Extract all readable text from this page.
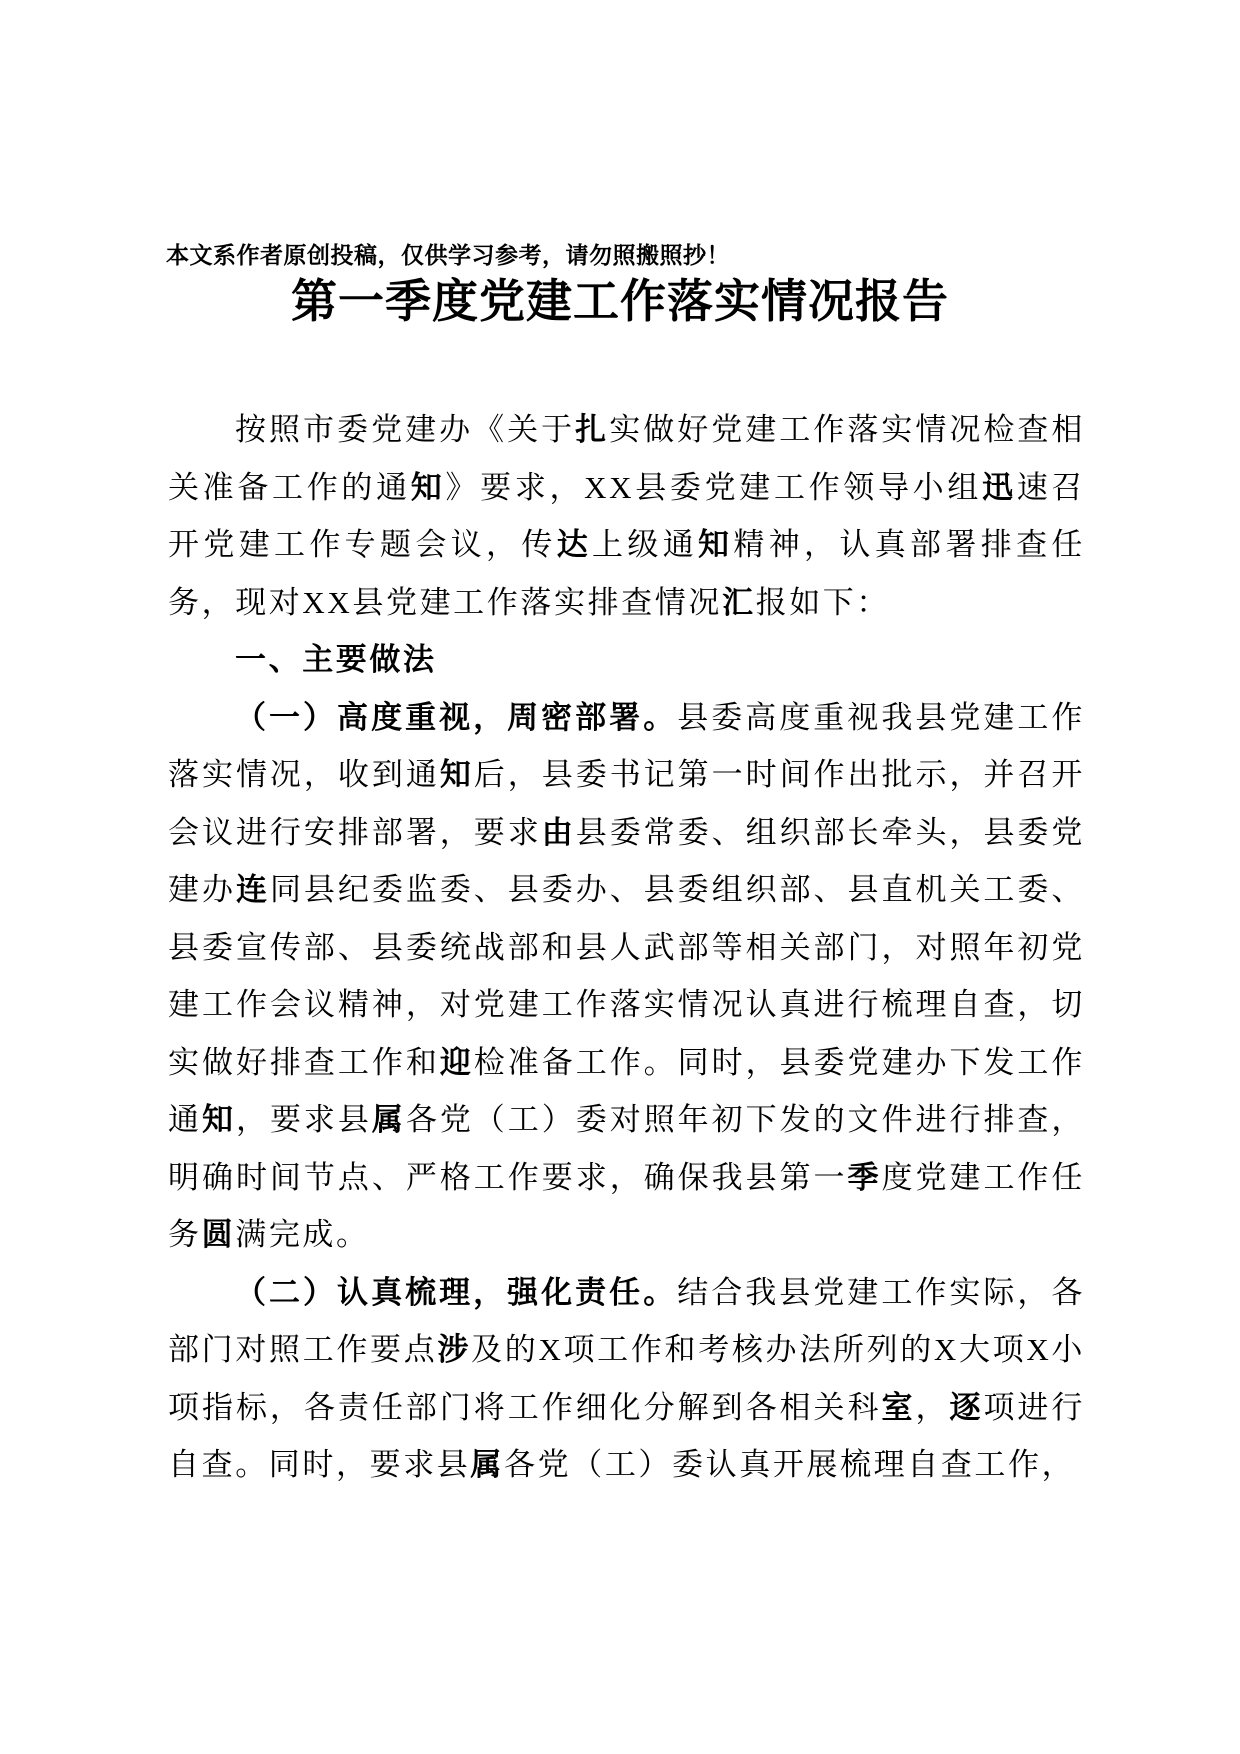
本文系作者原创投稿，仅供学习参考，请勿照搬照抄！
第一季度党建工作落实情况报告
按照市委党建办《关于扎实做好党建工作落实情况检查相关准备工作的通知》要求，XX县委党建工作领导小组迅速召开党建工作专题会议，传达上级通知精神，认真部署排查任务，现对XX县党建工作落实排查情况汇报如下：
一、主要做法
（一）高度重视，周密部署。县委高度重视我县党建工作落实情况，收到通知后，县委书记第一时间作出批示，并召开会议进行安排部署，要求由县委常委、组织部长牵头，县委党建办连同县纪委监委、县委办、县委组织部、县直机关工委、县委宣传部、县委统战部和县人武部等相关部门，对照年初党建工作会议精神，对党建工作落实情况认真进行梳理自查，切实做好排查工作和迎检准备工作。同时，县委党建办下发工作通知，要求县属各党（工）委对照年初下发的文件进行排查，明确时间节点、严格工作要求，确保我县第一季度党建工作任务圆满完成。
（二）认真梳理，强化责任。结合我县党建工作实际，各部门对照工作要点涉及的X项工作和考核办法所列的X大项X小项指标，各责任部门将工作细化分解到各相关科室，逐项进行自查。同时，要求县属各党（工）委认真开展梳理自查工作，
